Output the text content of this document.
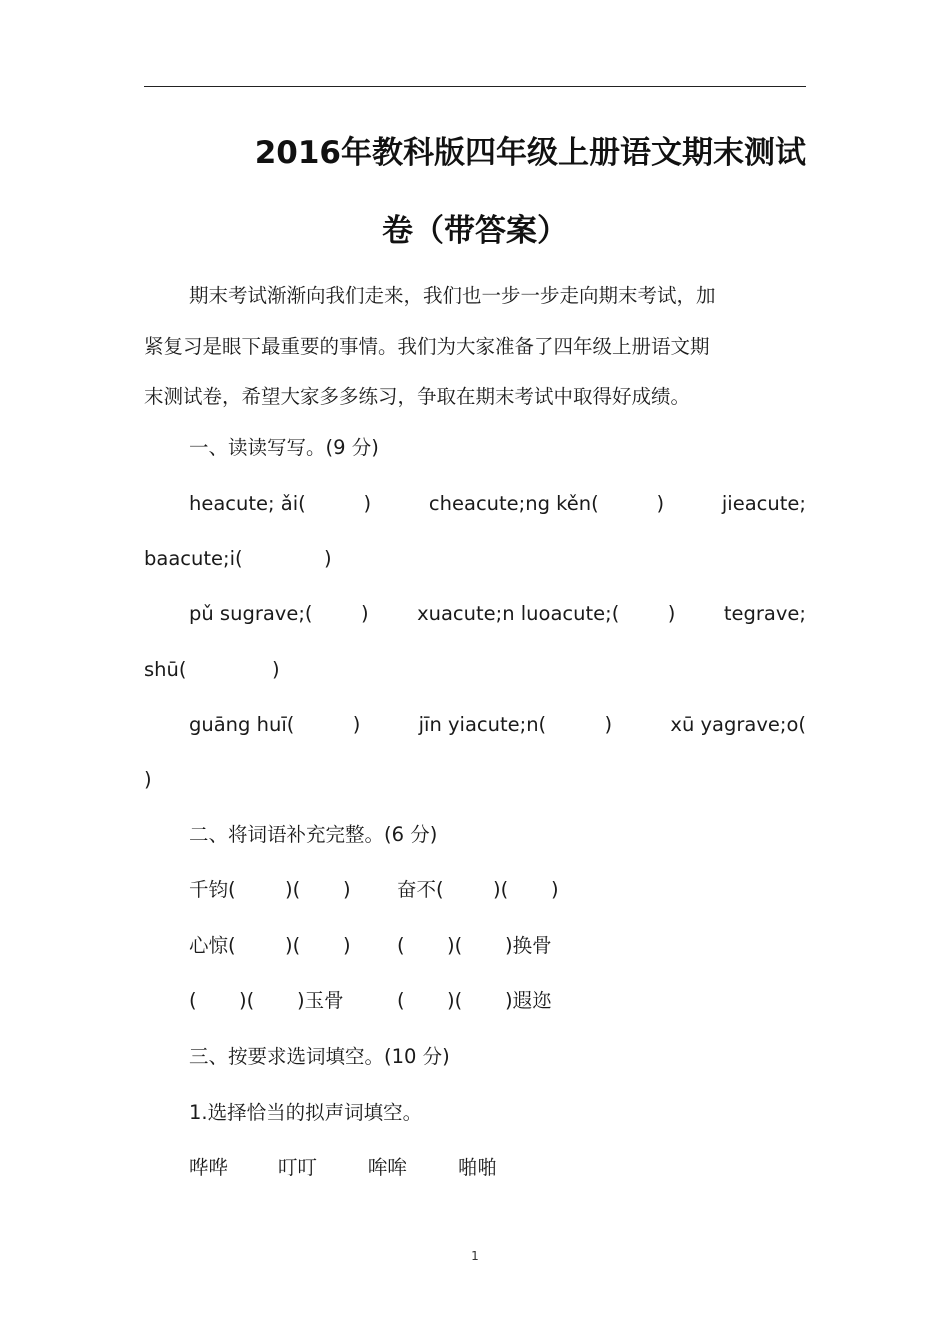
2016年教科版四年级上册语文期末测试
卷（带答案）
期末考试渐渐向我们走来，我们也一步一步走向期末考试，加
紧复习是眼下最重要的事情。我们为大家准备了四年级上册语文期
末测试卷，希望大家多多练习，争取在期末考试中取得好成绩。
一、读读写写。(9 分)
heacute; ǎi(	)	cheacute;ng kěn(	)	jieacute;
baacute;i(	)
pǔ sugrave;( ) xuacute;n luoacute;( ) tegrave;
shū(	)
guāng huī(	)	jīn yiacute;n(	)	xū yagrave;o(
)
二、将词语补充完整。(6 分)
千钧(	)(	)	奋不(	)(	)
心惊(	)(	)	(	)(	)换骨
(	)(	)玉骨	(	)(	)遐迩
三、按要求选词填空。(10 分)
1.选择恰当的拟声词填空。
哗哗	叮叮	哞哞	啪啪
1
